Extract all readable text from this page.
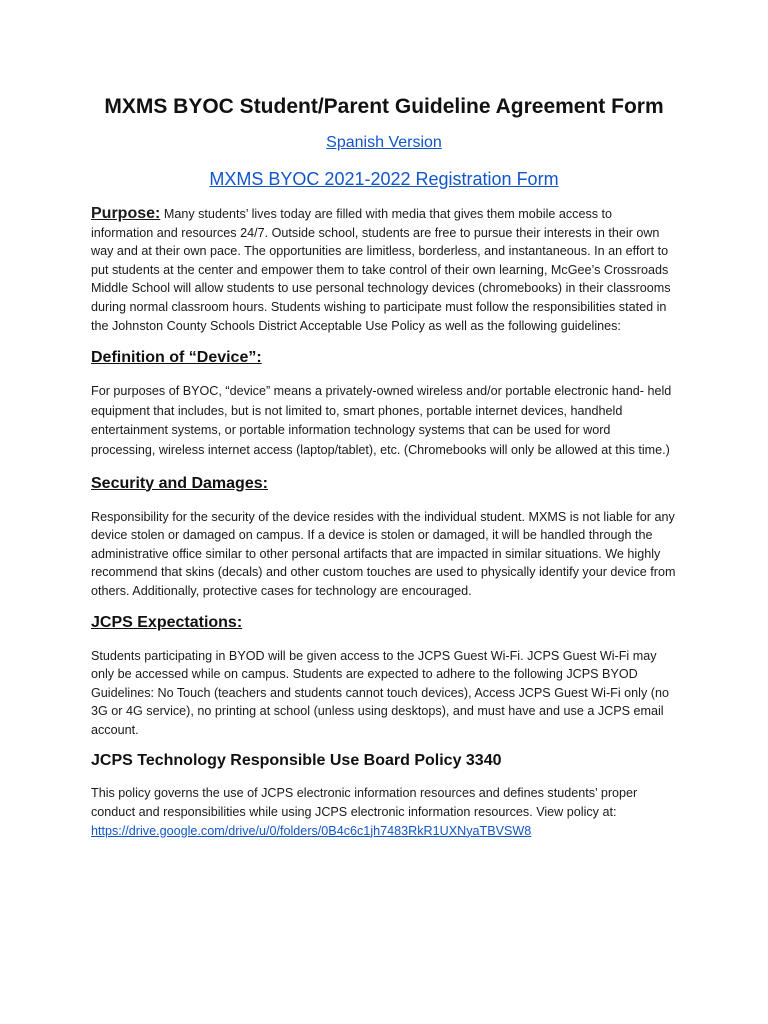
MXMS BYOC Student/Parent Guideline Agreement Form
Spanish Version
MXMS BYOC 2021-2022 Registration Form

Purpose: Many students’ lives today are filled with media that gives them mobile access to information and resources 24/7. Outside school, students are free to pursue their interests in their own way and at their own pace. The opportunities are limitless, borderless, and instantaneous. In an effort to put students at the center and empower them to take control of their own learning, McGee’s Crossroads Middle School will allow students to use personal technology devices (chromebooks) in their classrooms during normal classroom hours. Students wishing to participate must follow the responsibilities stated in the Johnston County Schools District Acceptable Use Policy as well as the following guidelines:

Definition of “Device”:

For purposes of BYOC, “device” means a privately-owned wireless and/or portable electronic hand- held equipment that includes, but is not limited to, smart phones, portable internet devices, handheld entertainment systems, or portable information technology systems that can be used for word processing, wireless internet access (laptop/tablet), etc. (Chromebooks will only be allowed at this time.)

Security and Damages:

Responsibility for the security of the device resides with the individual student. MXMS is not liable for any device stolen or damaged on campus. If a device is stolen or damaged, it will be handled through the administrative office similar to other personal artifacts that are impacted in similar situations. We highly recommend that skins (decals) and other custom touches are used to physically identify your device from others. Additionally, protective cases for technology are encouraged.

JCPS Expectations:

Students participating in BYOD will be given access to the JCPS Guest Wi-Fi. JCPS Guest Wi-Fi may only be accessed while on campus. Students are expected to adhere to the following JCPS BYOD Guidelines: No Touch (teachers and students cannot touch devices), Access JCPS Guest Wi-Fi only (no 3G or 4G service), no printing at school (unless using desktops), and must have and use a JCPS email account.

JCPS Technology Responsible Use Board Policy 3340

This policy governs the use of JCPS electronic information resources and defines students’ proper conduct and responsibilities while using JCPS electronic information resources. View policy at:
https://drive.google.com/drive/u/0/folders/0B4c6c1jh7483RkR1UXNyaTBVSW8
